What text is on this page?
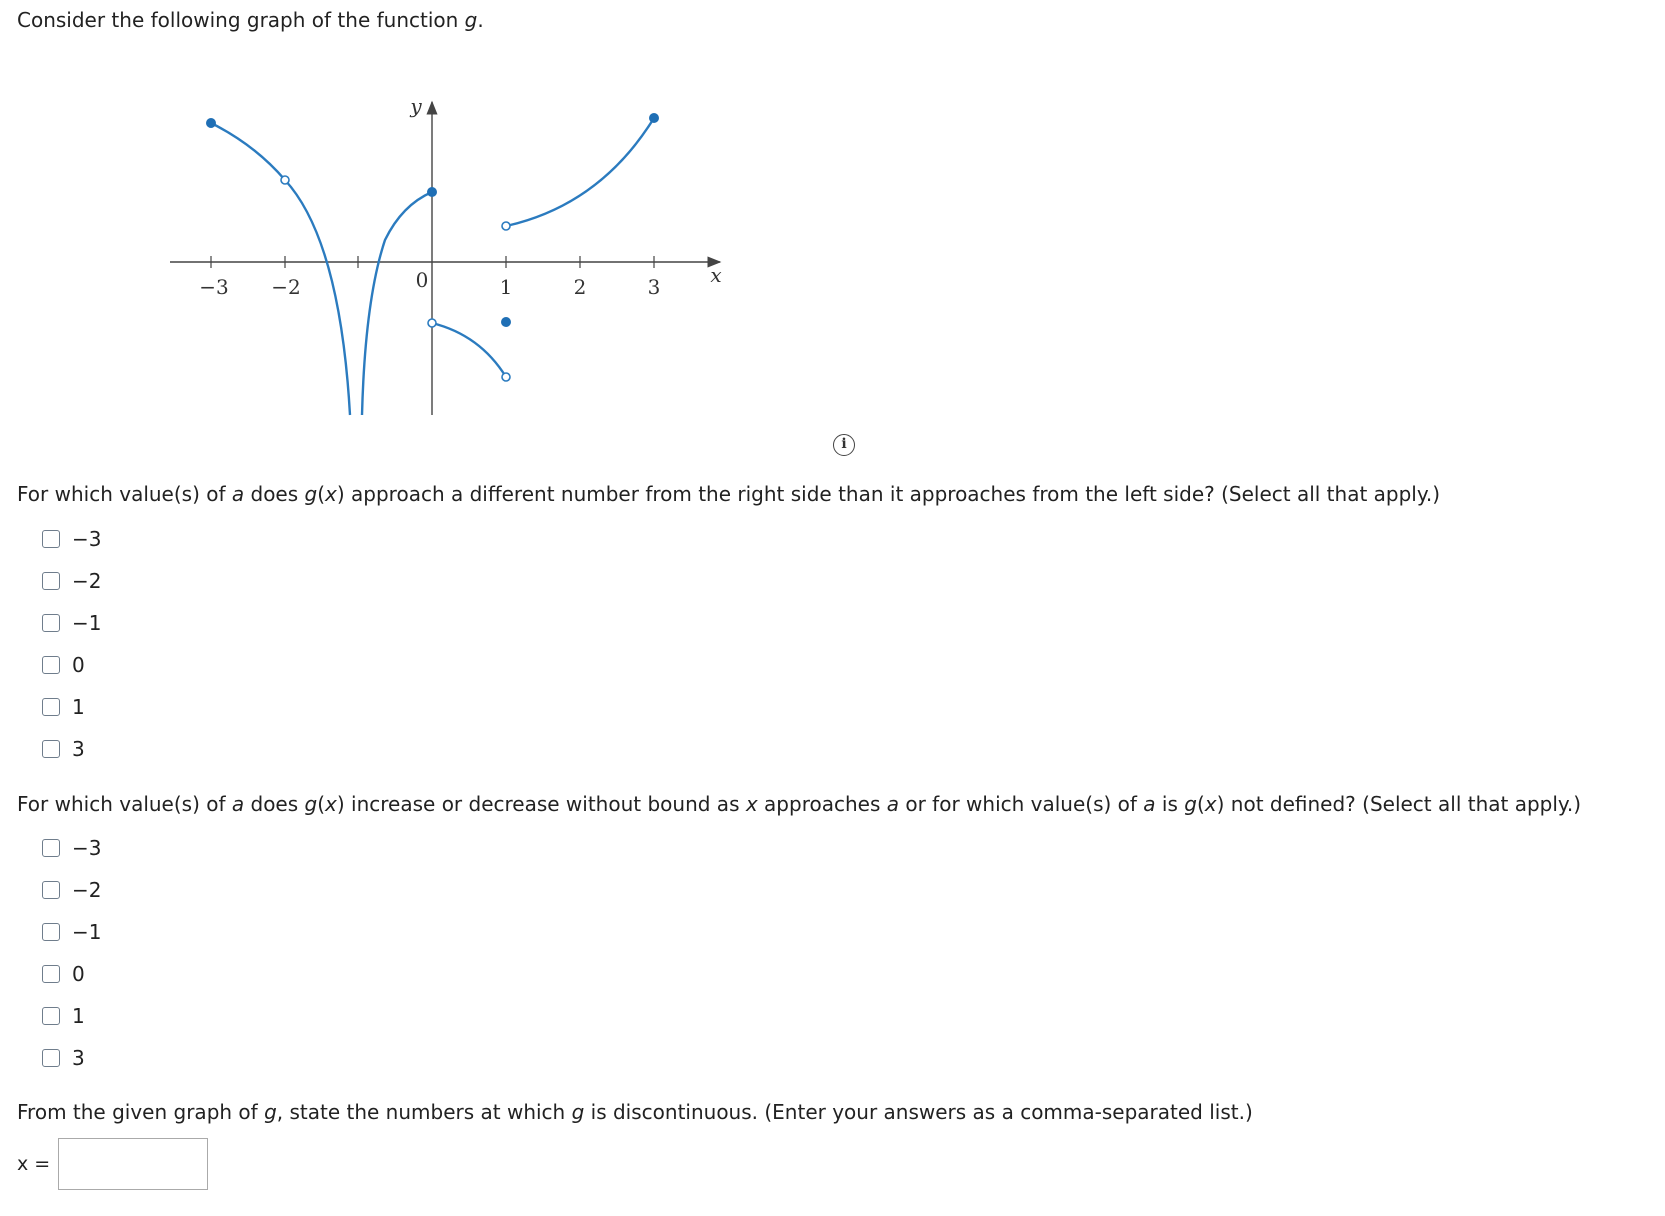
Consider the following graph of the function g.
−3 −2	0	1	2	3 x
y
i
For which value(s) of a does g(x) approach a different number from the right side than it approaches from the left side? (Select all that apply.)
−3
−2
−1
0
1
3
For which value(s) of a does g(x) increase or decrease without bound as x approaches a or for which value(s) of a is g(x) not defined? (Select all that apply.)
−3
−2
−1
0
1
3
From the given graph of g, state the numbers at which g is discontinuous. (Enter your answers as a comma-separated list.)
x =
